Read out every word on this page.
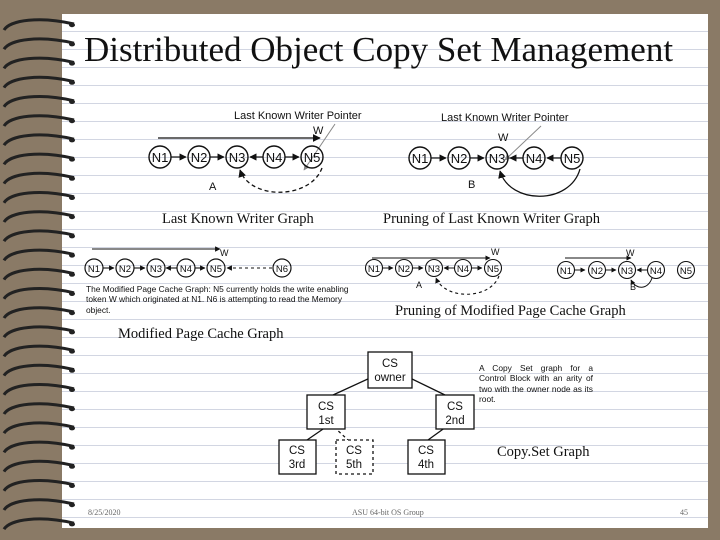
Distributed Object Copy Set Management
Last Known Writer Pointer
W
N1 N2 N3 N4 N5
A
Last Known Writer Pointer
W
N1 N2 N3 N4 N5
B
W
N1 N2 N3 N4 N5	N6
W
N1 N2 N3 N4 N5
A
W
N1 N2 N3 N4 N5
B
CS
owner
CS
1st
CS
2nd
CS
3rd
CS
5th
CS
4th
Last Known Writer Graph	Pruning of Last Known Writer Graph
Pruning of Modified Page Cache Graph
Modified Page Cache Graph
Copy.Set Graph
The Modified Page Cache Graph: N5 currently holds the write enabling token W which originated at N1. N6 is attempting to read the Memory object.
A Copy Set graph for a Control Block with an arity of two with the owner node as its root.
8/25/2020	ASU 64-bit OS Group	45
